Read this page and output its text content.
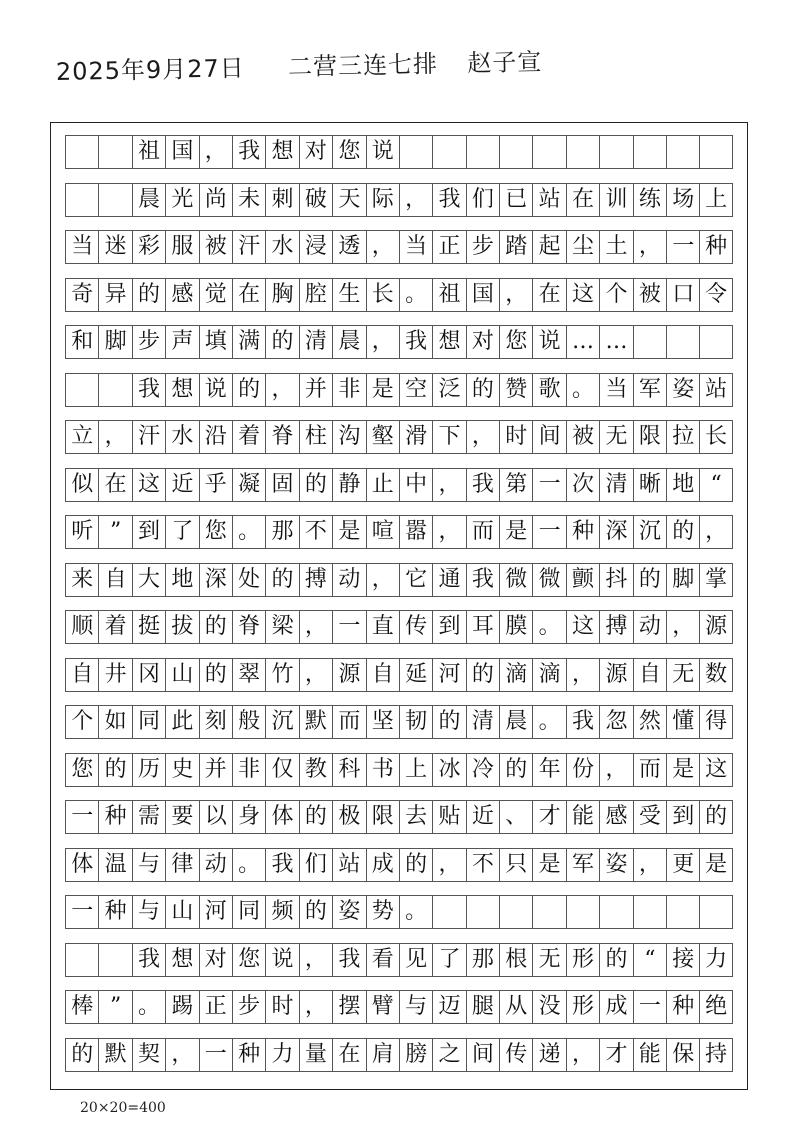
2025年9月27日 二营三连七排 赵子宣
祖 国 ， 我 想 对 您 说

晨 光 尚 未 刺 破 天 际 ， 我 们 已 站 在 训 练 场 上
当 迷 彩 服 被 汗 水 浸 透 ， 当 正 步 踏 起 尘 土 ， 一 种
奇 异 的 感 觉 在 胸 腔 生 长 。 祖 国 ， 在 这 个 被 口 令
和 脚 步 声 填 满 的 清 晨 ， 我 想 对 您 说 … …

我 想 说 的 ， 并 非 是 空 泛 的 赞 歌 。 当 军 姿 站
立 ， 汗 水 沿 着 脊 柱 沟 壑 滑 下 ， 时 间 被 无 限 拉 长
似 在 这 近 乎 凝 固 的 静 止 中 ， 我 第 一 次 清 晰 地 “
听 ” 到 了 您 。 那 不 是 喧 嚣 ， 而 是 一 种 深 沉 的 ，
来 自 大 地 深 处 的 搏 动 ， 它 通 我 微 微 颤 抖 的 脚 掌
顺 着 挺 拔 的 脊 梁 ， 一 直 传 到 耳 膜 。 这 搏 动 ， 源
自 井 冈 山 的 翠 竹 ， 源 自 延 河 的 滴 滴 ， 源 自 无 数
个 如 同 此 刻 般 沉 默 而 坚 韧 的 清 晨 。 我 忽 然 懂 得
您 的 历 史 并 非 仅 教 科 书 上 冰 冷 的 年 份 ， 而 是 这
一 种 需 要 以 身 体 的 极 限 去 贴 近 、 才 能 感 受 到 的
体 温 与 律 动 。 我 们 站 成 的 ， 不 只 是 军 姿 ， 更 是
一 种 与 山 河 同 频 的 姿 势 。

我 想 对 您 说 ， 我 看 见 了 那 根 无 形 的 “ 接 力
棒 ” 。 踢 正 步 时 ， 摆 臂 与 迈 腿 从 没 形 成 一 种 绝
的 默 契 ， 一 种 力 量 在 肩 膀 之 间 传 递 ， 才 能 保 持
20×20=400
